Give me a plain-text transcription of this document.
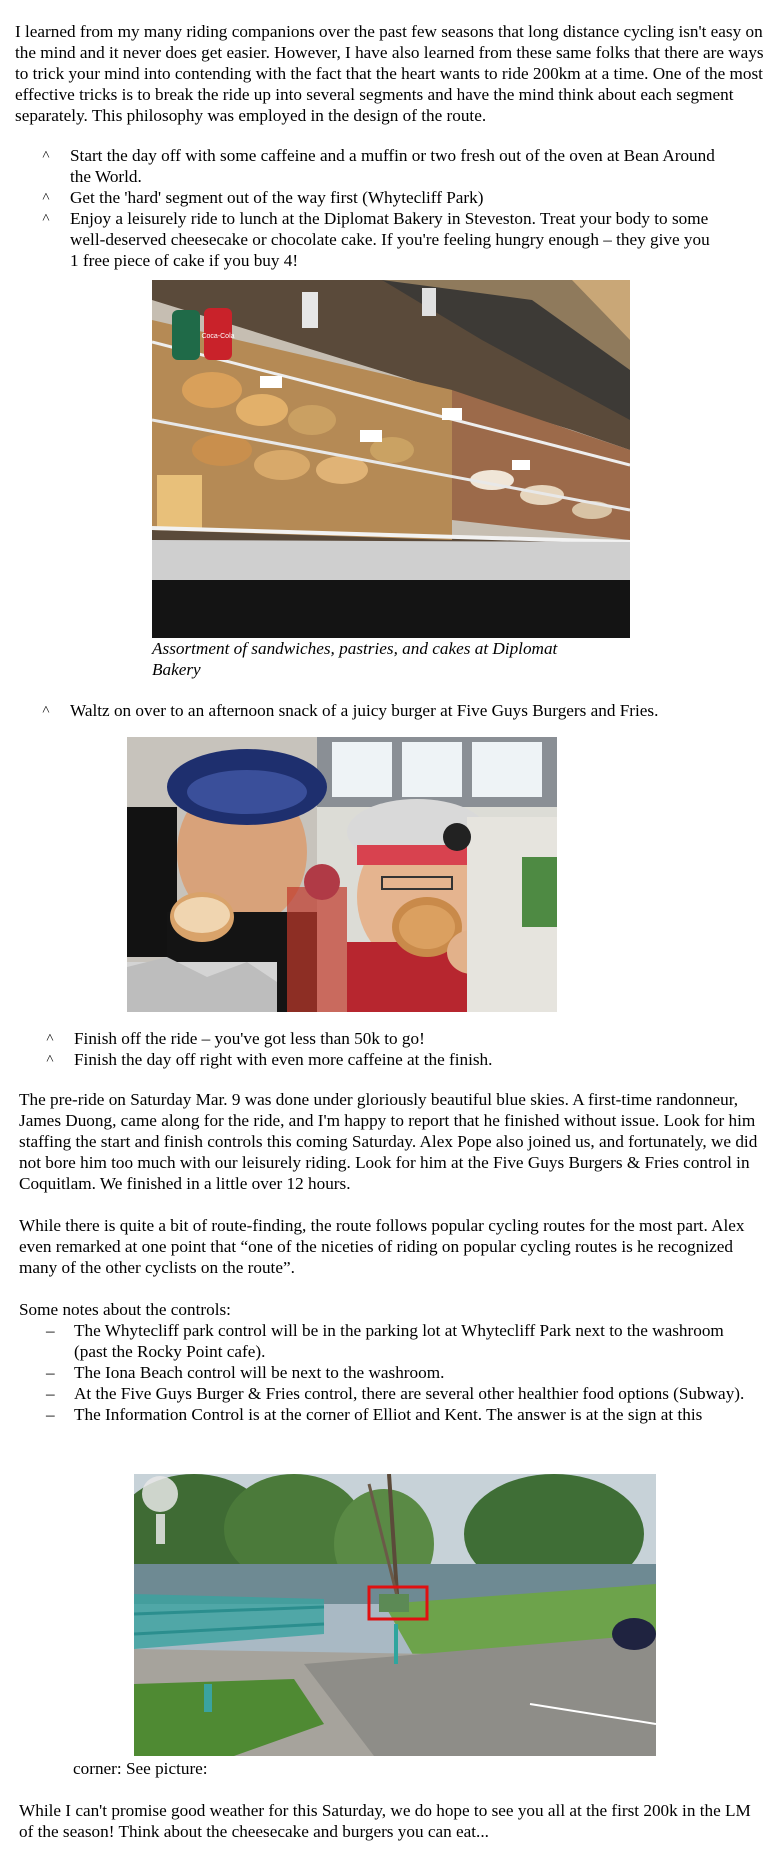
I learned from my many riding companions over the past few seasons that long distance cycling isn't easy on the mind and it never does get easier. However, I have also learned from these same folks that there are ways to trick your mind into contending with the fact that the heart wants to ride 200km at a time. One of the most effective tricks is to break the ride up into several segments and have the mind think about each segment separately. This philosophy was employed in the design of the route.

˄ Start the day off with some caffeine and a muffin or two fresh out of the oven at Bean Around the World.
˄ Get the 'hard' segment out of the way first (Whytecliff Park)
˄ Enjoy a leisurely ride to lunch at the Diplomat Bakery in Steveston. Treat your body to some well-deserved cheesecake or chocolate cake. If you're feeling hungry enough – they give you 1 free piece of cake if you buy 4!
Coca-Cola

Assortment of sandwiches, pastries, and cakes at Diplomat Bakery

˄ Waltz on over to an afternoon snack of a juicy burger at Five Guys Burgers and Fries.
˄ Finish off the ride – you've got less than 50k to go!
˄ Finish the day off right with even more caffeine at the finish.

The pre-ride on Saturday Mar. 9 was done under gloriously beautiful blue skies. A first-time randonneur, James Duong, came along for the ride, and I'm happy to report that he finished without issue. Look for him staffing the start and finish controls this coming Saturday. Alex Pope also joined us, and fortunately, we did not bore him too much with our leisurely riding. Look for him at the Five Guys Burgers & Fries control in Coquitlam. We finished in a little over 12 hours.

While there is quite a bit of route-finding, the route follows popular cycling routes for the most part. Alex even remarked at one point that “one of the niceties of riding on popular cycling routes is he recognized many of the other cyclists on the route”.

Some notes about the controls:

– The Whytecliff park control will be in the parking lot at Whytecliff Park next to the washroom (past the Rocky Point cafe).
– The Iona Beach control will be next to the washroom.
– At the Five Guys Burger & Fries control, there are several other healthier food options (Subway).
– The Information Control is at the corner of Elliot and Kent. The answer is at the sign at this

corner: See picture:

While I can't promise good weather for this Saturday, we do hope to see you all at the first 200k in the LM of the season! Think about the cheesecake and burgers you can eat...
